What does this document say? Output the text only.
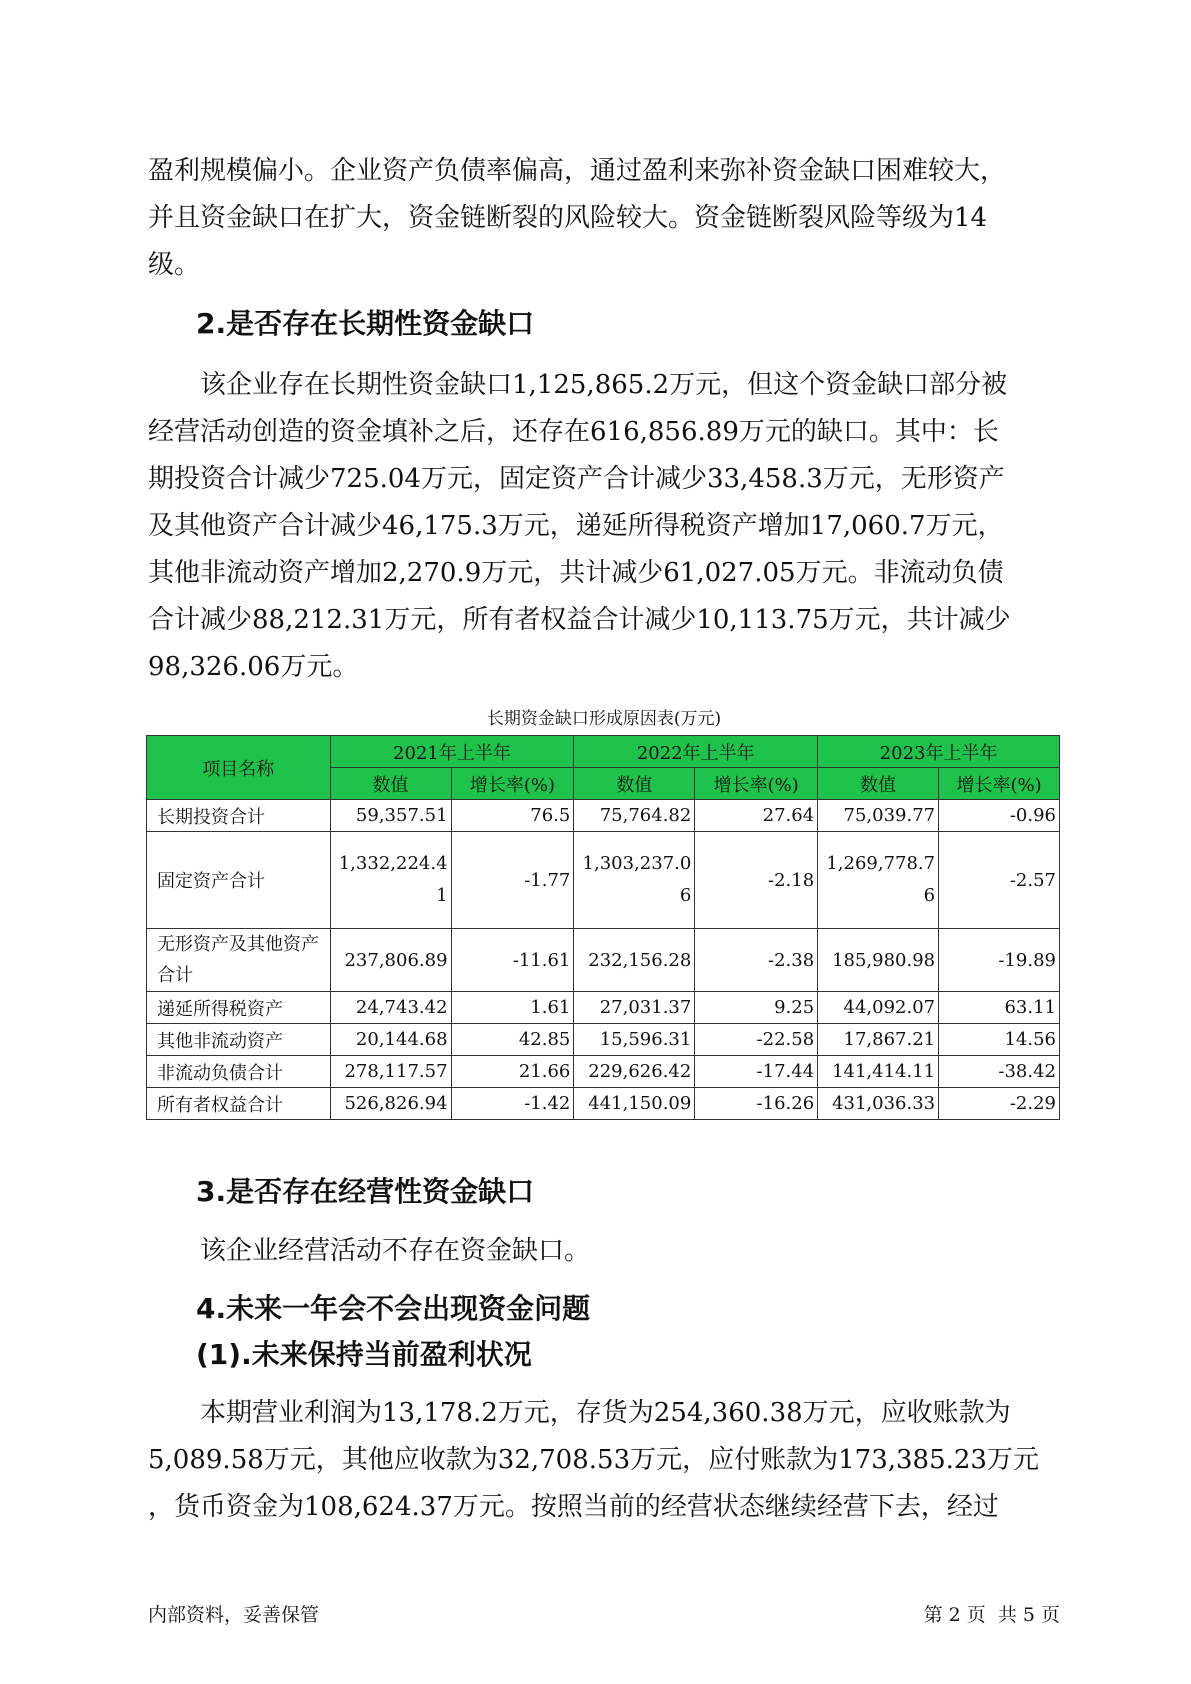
盈利规模偏小。企业资产负债率偏高，通过盈利来弥补资金缺口困难较大，
并且资金缺口在扩大，资金链断裂的风险较大。资金链断裂风险等级为14
级。
2.是否存在长期性资金缺口
该企业存在长期性资金缺口1,125,865.2万元，但这个资金缺口部分被
经营活动创造的资金填补之后，还存在616,856.89万元的缺口。其中：长
期投资合计减少725.04万元，固定资产合计减少33,458.3万元，无形资产
及其他资产合计减少46,175.3万元，递延所得税资产增加17,060.7万元，
其他非流动资产增加2,270.9万元，共计减少61,027.05万元。非流动负债
合计减少88,212.31万元，所有者权益合计减少10,113.75万元，共计减少
98,326.06万元。
长期资金缺口形成原因表(万元)
项目名称	2021年上半年		2022年上半年		2023年上半年	
	数值	增长率(%)	数值	增长率(%)	数值	增长率(%)
长期投资合计	59,357.51	76.5	75,764.82	27.64	75,039.77	-0.96
固定资产合计	1,332,224.41	-1.77	1,303,237.06	-2.18	1,269,778.76	-2.57
无形资产及其他资产合计	237,806.89	-11.61	232,156.28	-2.38	185,980.98	-19.89
递延所得税资产	24,743.42	1.61	27,031.37	9.25	44,092.07	63.11
其他非流动资产	20,144.68	42.85	15,596.31	-22.58	17,867.21	14.56
非流动负债合计	278,117.57	21.66	229,626.42	-17.44	141,414.11	-38.42
所有者权益合计	526,826.94	-1.42	441,150.09	-16.26	431,036.33	-2.29
3.是否存在经营性资金缺口
该企业经营活动不存在资金缺口。
4.未来一年会不会出现资金问题
(1).未来保持当前盈利状况
本期营业利润为13,178.2万元，存货为254,360.38万元，应收账款为
5,089.58万元，其他应收款为32,708.53万元，应付账款为173,385.23万元
，货币资金为108,624.37万元。按照当前的经营状态继续经营下去，经过
内部资料，妥善保管	第 2 页  共 5 页
